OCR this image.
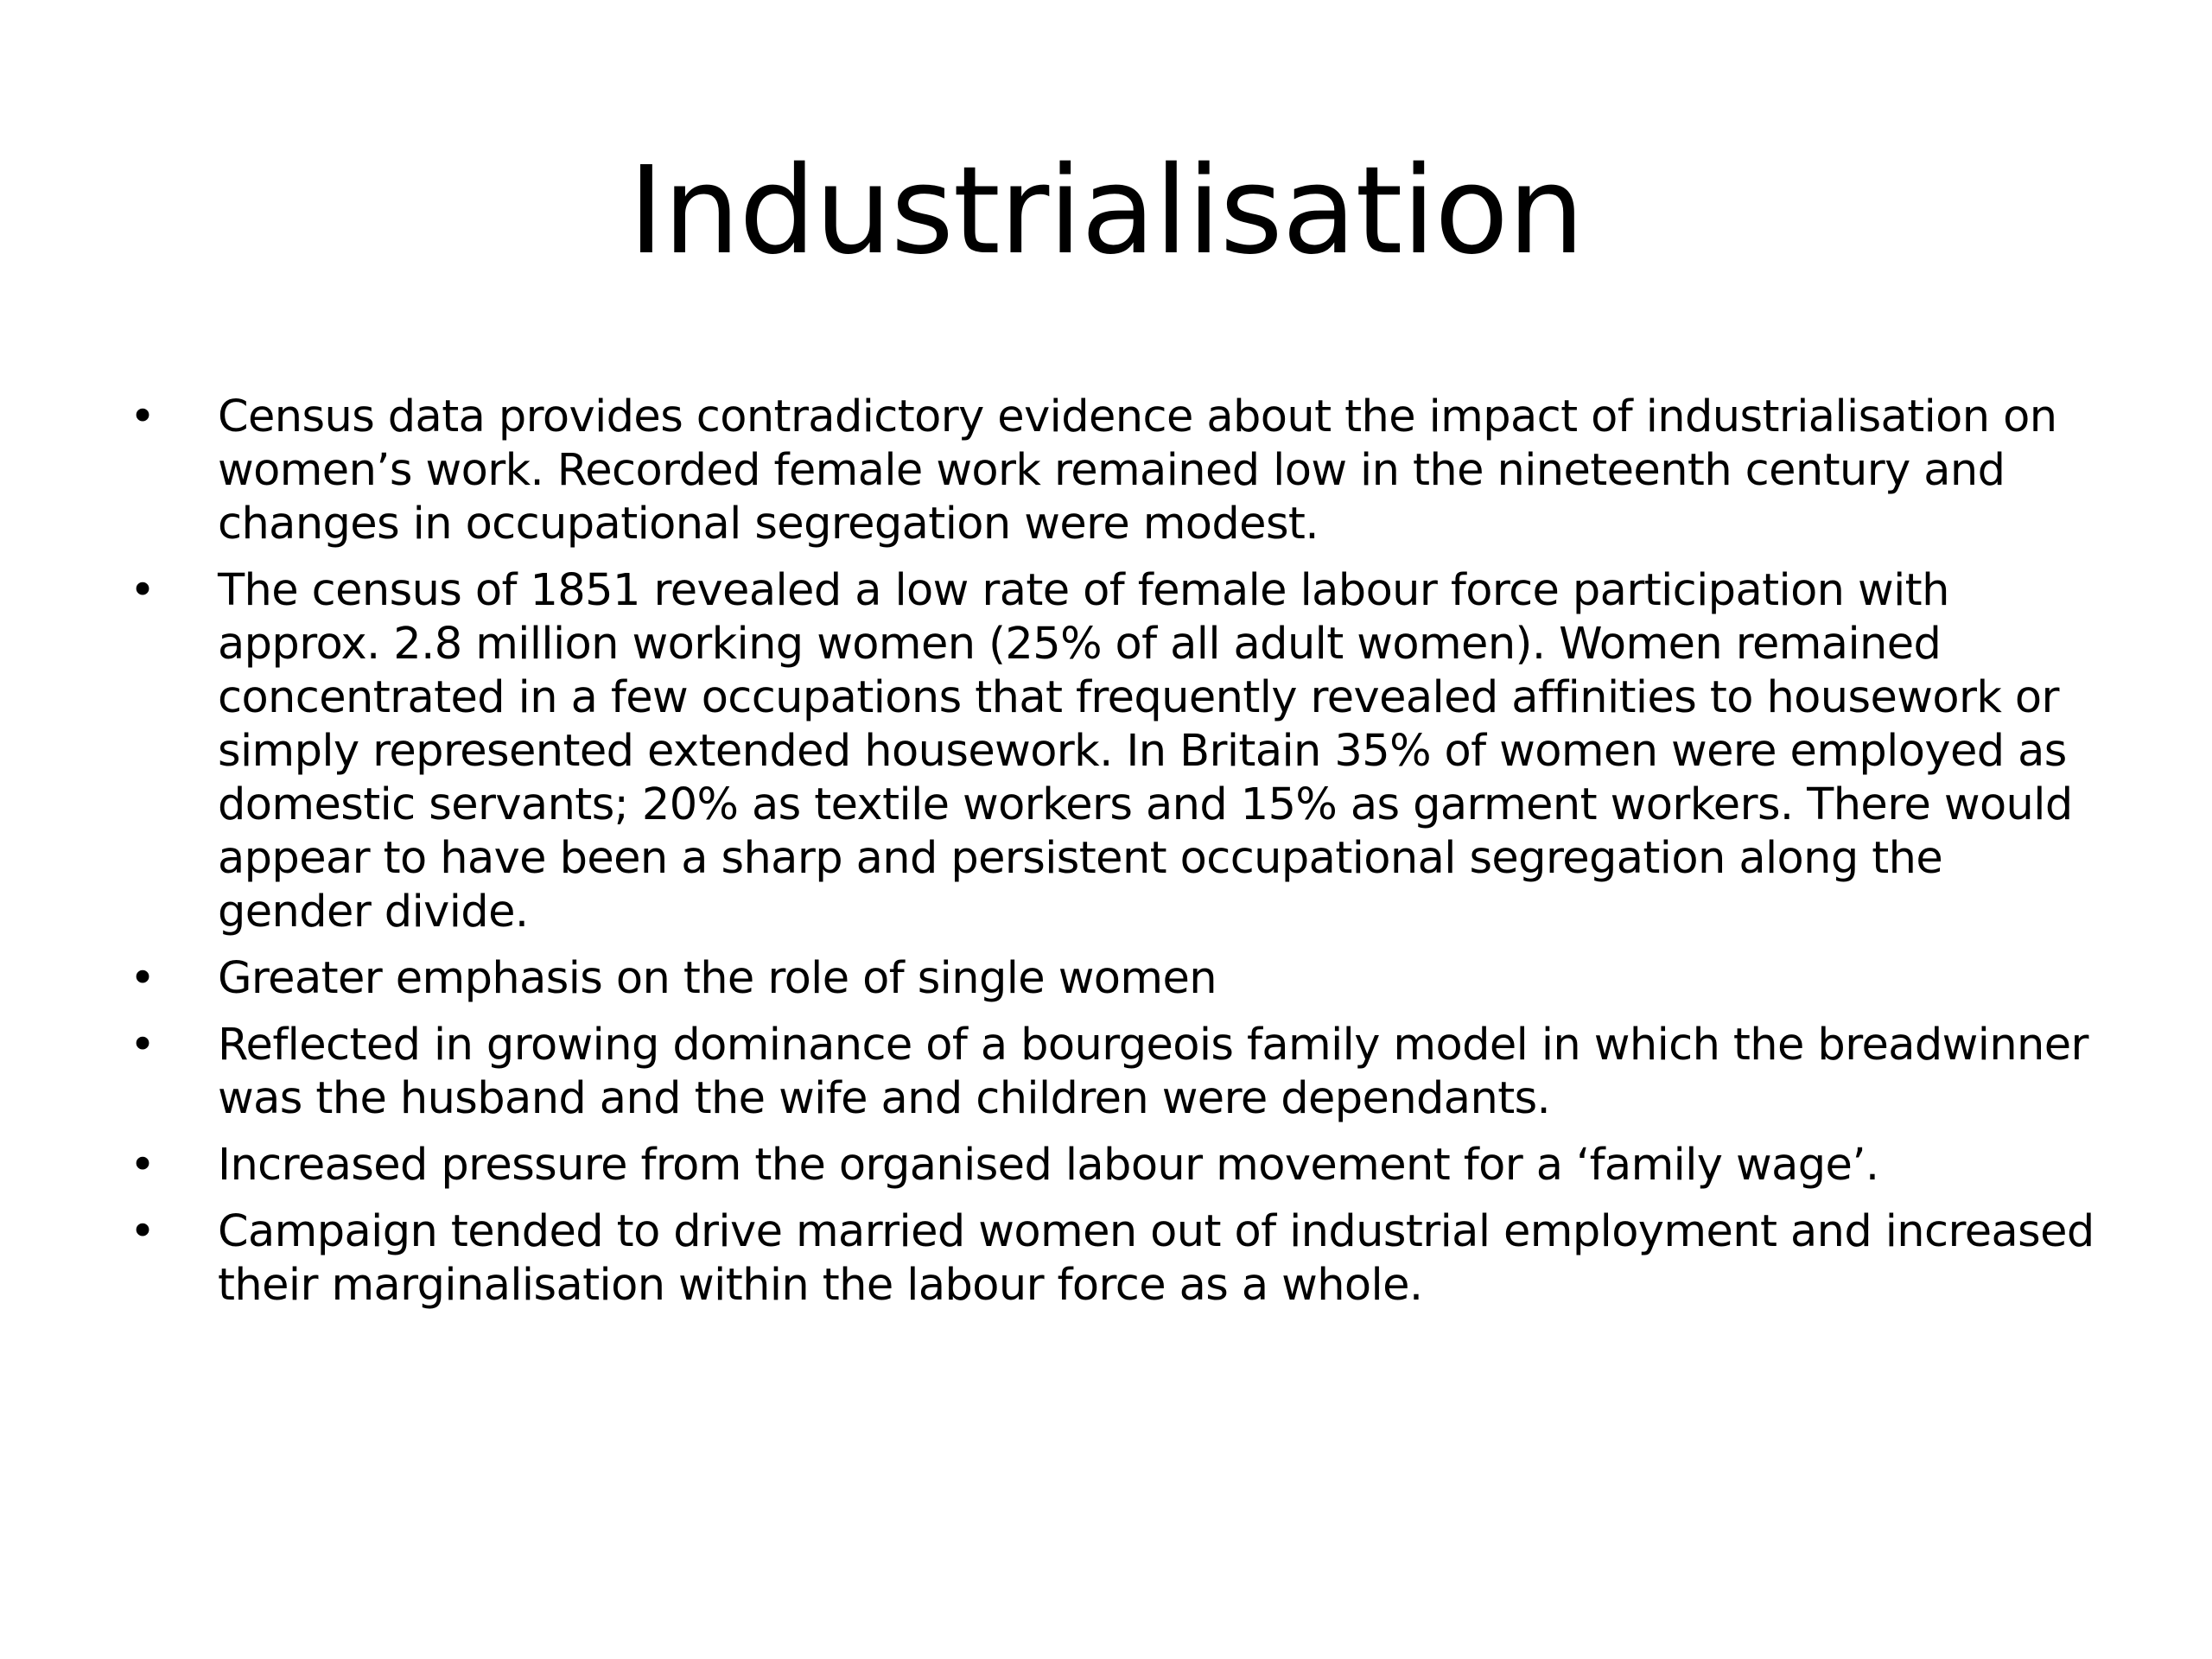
Industrialisation
• Census data provides contradictory evidence about the impact of industrialisation on women’s work. Recorded female work remained low in the nineteenth century and changes in occupational segregation were modest.
• The census of 1851 revealed a low rate of female labour force participation with approx. 2.8 million working women (25% of all adult women). Women remained concentrated in a few occupations that frequently revealed affinities to housework or simply represented extended housework. In Britain 35% of women were employed as domestic servants; 20% as textile workers and 15% as garment workers. There would appear to have been a sharp and persistent occupational segregation along the gender divide.
• Greater emphasis on the role of single women
• Reflected in growing dominance of a bourgeois family model in which the breadwinner was the husband and the wife and children were dependants.
• Increased pressure from the organised labour movement for a ‘family wage’.
• Campaign tended to drive married women out of industrial employment and increased their marginalisation within the labour force as a whole.
